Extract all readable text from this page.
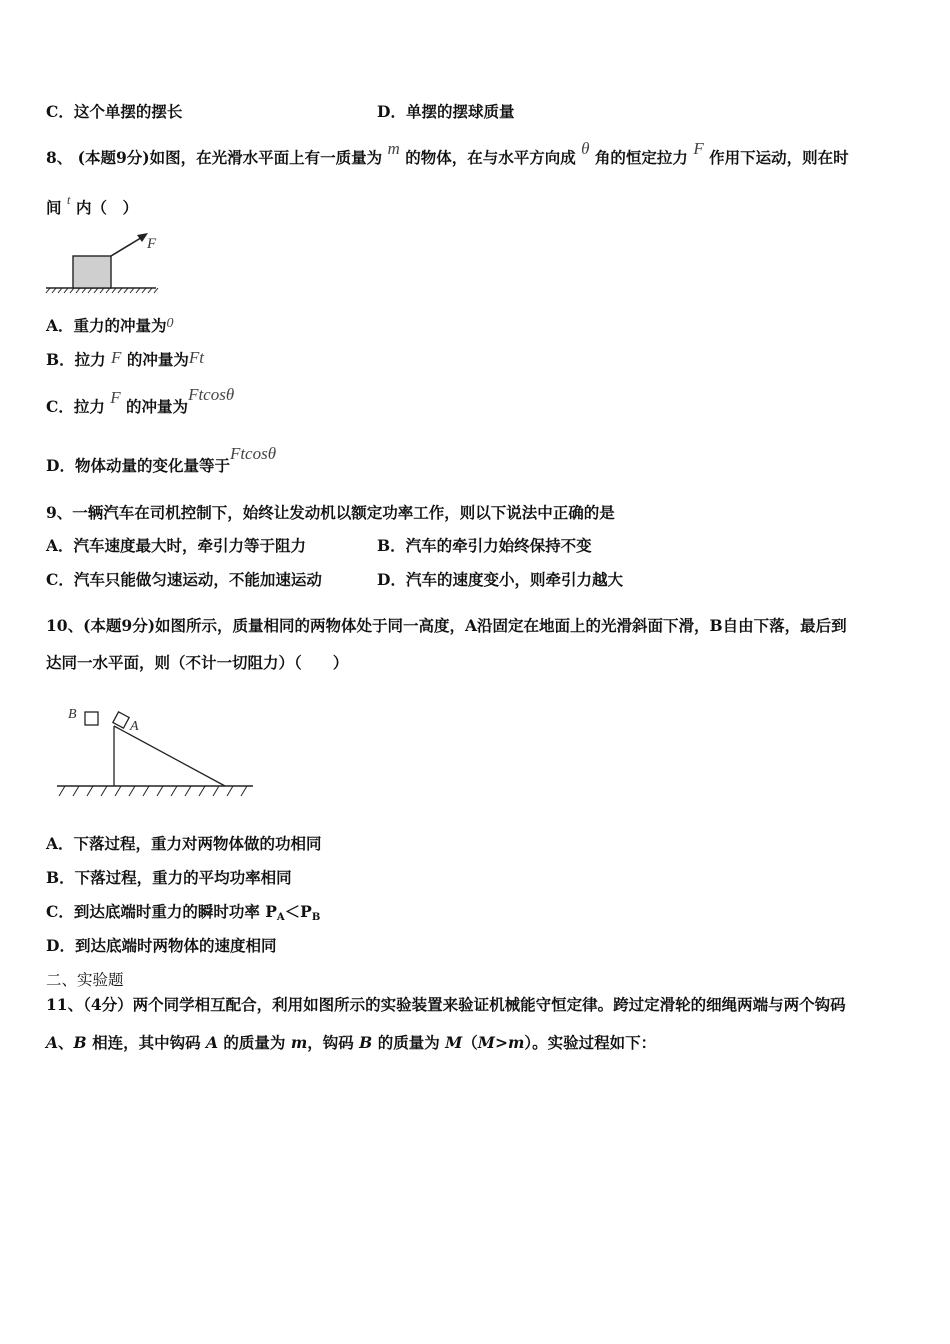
C．这个单摆的摆长	D．单摆的摆球质量
8、 (本题9分)如图，在光滑水平面上有一质量为 m 的物体，在与水平方向成 θ 角的恒定拉力 F 作用下运动，则在时
间 $^t$ 内（　）
F
A．重力的冲量为0
B．拉力 F 的冲量为Ft
C．拉力 F 的冲量为Ftcosθ
D．物体动量的变化量等于Ftcosθ
9、一辆汽车在司机控制下，始终让发动机以额定功率工作，则以下说法中正确的是
A．汽车速度最大时，牵引力等于阻力	B．汽车的牵引力始终保持不变
C．汽车只能做匀速运动，不能加速运动	D．汽车的速度变小，则牵引力越大
10、(本题9分)如图所示，质量相同的两物体处于同一高度，A沿固定在地面上的光滑斜面下滑，B自由下落，最后到
达同一水平面，则（不计一切阻力）（　　）
B
A
A．下落过程，重力对两物体做的功相同
B．下落过程，重力的平均功率相同
C．到达底端时重力的瞬时功率 PA＜PB
D．到达底端时两物体的速度相同
二、实验题
11、（4分）两个同学相互配合，利用如图所示的实验装置来验证机械能守恒定律。跨过定滑轮的细绳两端与两个钩码
A、B 相连，其中钩码 A 的质量为 m，钩码 B 的质量为 M（M>m）。实验过程如下：
